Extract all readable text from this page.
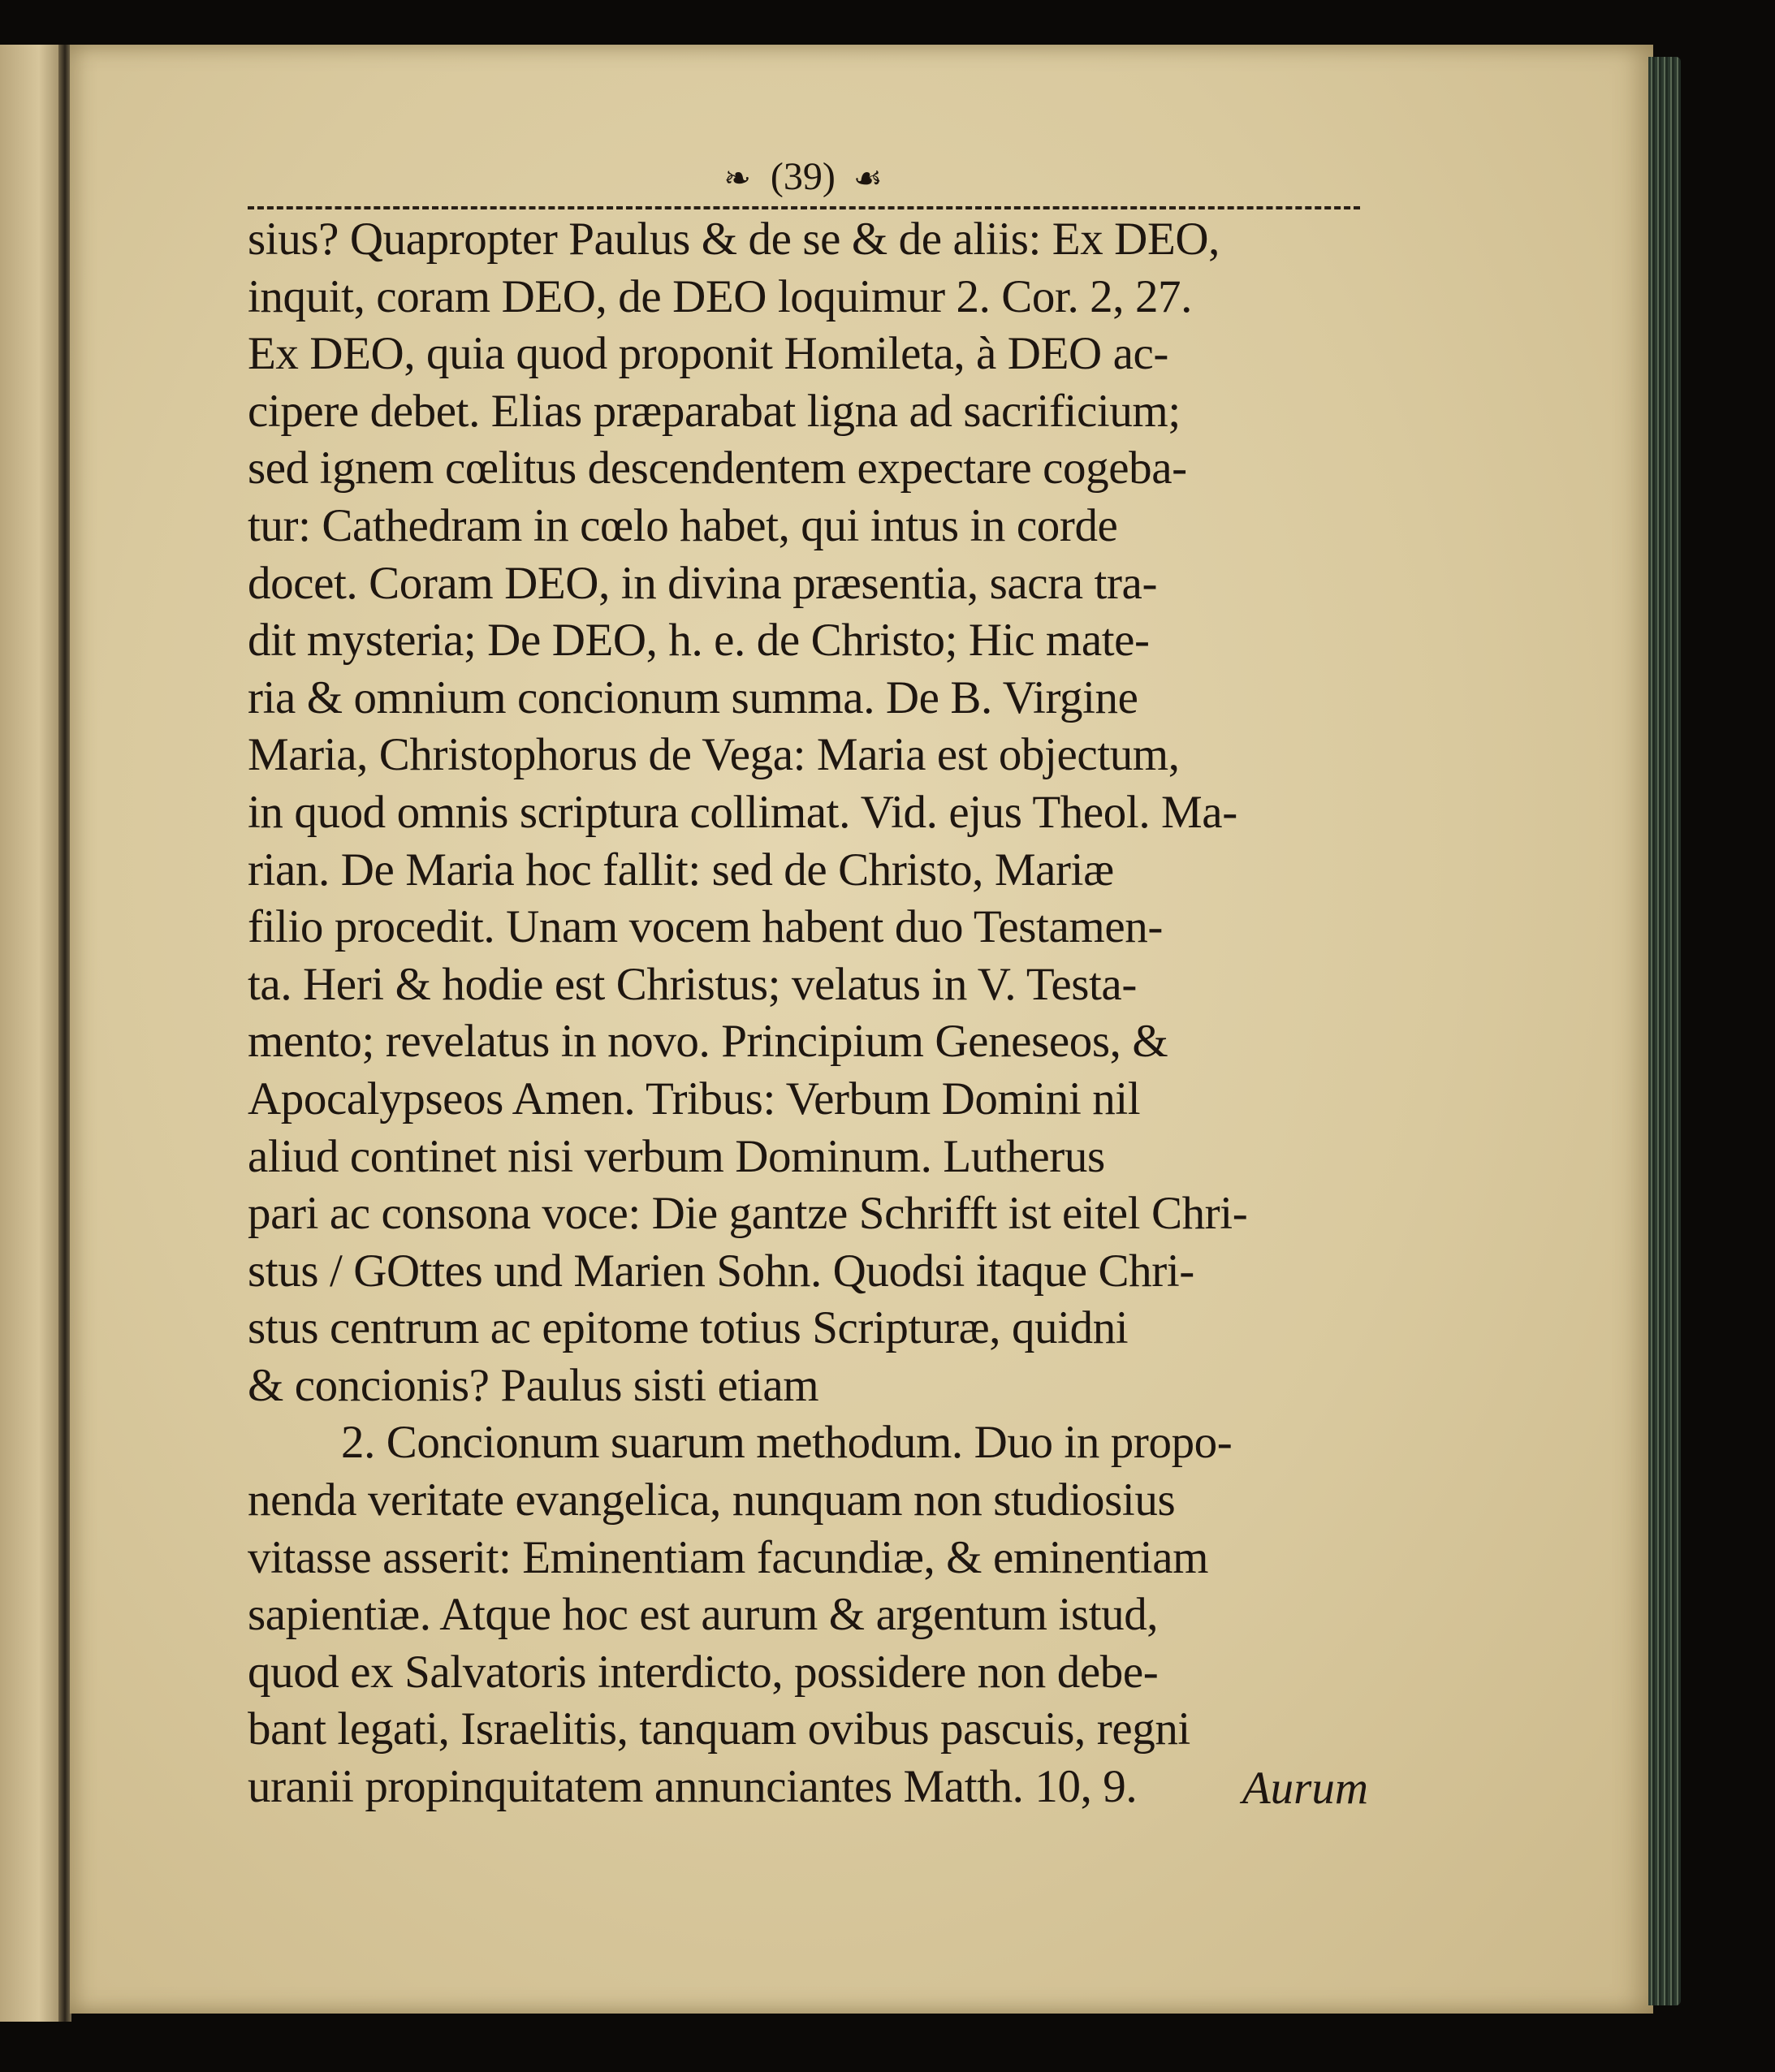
❧ (39) ☙
sius? Quapropter Paulus & de se & de aliis: Ex DEO,
inquit, coram DEO, de DEO loquimur 2. Cor. 2, 27.
Ex DEO, quia quod proponit Homileta, à DEO ac-
cipere debet. Elias præparabat ligna ad sacrificium;
sed ignem cœlitus descendentem expectare cogeba-
tur: Cathedram in cœlo habet, qui intus in corde
docet. Coram DEO, in divina præsentia, sacra tra-
dit mysteria; De DEO, h. e. de Christo; Hic mate-
ria & omnium concionum summa. De B. Virgine
Maria, Christophorus de Vega: Maria est objectum,
in quod omnis scriptura collimat. Vid. ejus Theol. Ma-
rian. De Maria hoc fallit: sed de Christo, Mariæ
filio procedit. Unam vocem habent duo Testamen-
ta. Heri & hodie est Christus; velatus in V. Testa-
mento; revelatus in novo. Principium Geneseos, &
Apocalypseos Amen. Tribus: Verbum Domini nil
aliud continet nisi verbum Dominum. Lutherus
pari ac consona voce: Die gantze Schrifft ist eitel Chri-
stus / GOttes und Marien Sohn. Quodsi itaque Chri-
stus centrum ac epitome totius Scripturæ, quidni
& concionis? Paulus sisti etiam
2. Concionum suarum methodum. Duo in propo-
nenda veritate evangelica, nunquam non studiosius
vitasse asserit: Eminentiam facundiæ, & eminentiam
sapientiæ. Atque hoc est aurum & argentum istud,
quod ex Salvatoris interdicto, possidere non debe-
bant legati, Israelitis, tanquam ovibus pascuis, regni
uranii propinquitatem annunciantes Matth. 10, 9.	Aurum
